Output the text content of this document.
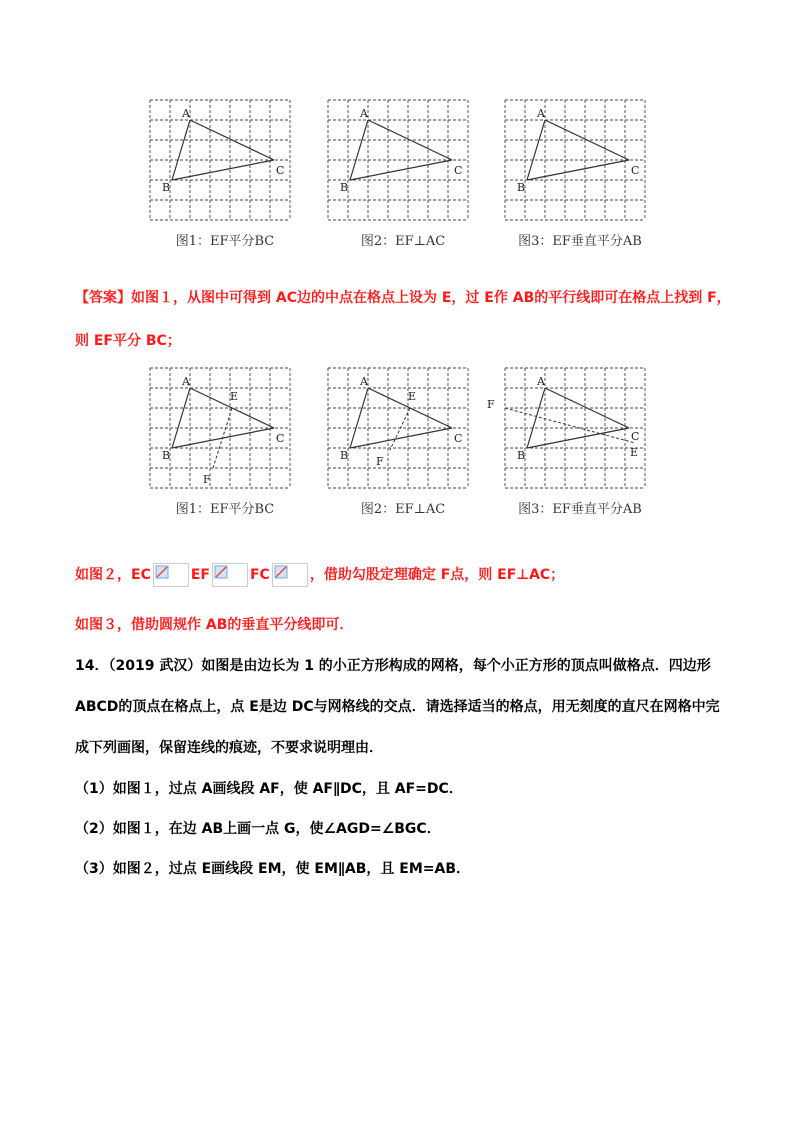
A
B
C
图1：EF平分BC
A
B
C
图2：EF⊥AC
A
B
C
图3：EF垂直平分AB
【答案】如图１，从图中可得到 AC边的中点在格点上设为 E，过 E作 AB的平行线即可在格点上找到 F，
则 EF平分 BC；
A
B
C
E
F
图1：EF平分BC
A
B
C
E
F
图2：EF⊥AC
A
B
C
E
F
图3：EF垂直平分AB
如图２，EC	EF	FC	，借助勾股定理确定 F点，则 EF⊥AC；
如图３，借助圆规作 AB的垂直平分线即可．
14．（2019 武汉）如图是由边长为 1 的小正方形构成的网格，每个小正方形的顶点叫做格点．四边形
ABCD的顶点在格点上，点 E是边 DC与网格线的交点．请选择适当的格点，用无刻度的直尺在网格中完
成下列画图，保留连线的痕迹，不要求说明理由．
（1）如图１，过点 A画线段 AF，使 AF∥DC，且 AF=DC．
（2）如图１，在边 AB上画一点 G，使∠AGD=∠BGC．
（3）如图２，过点 E画线段 EM，使 EM∥AB，且 EM=AB．
